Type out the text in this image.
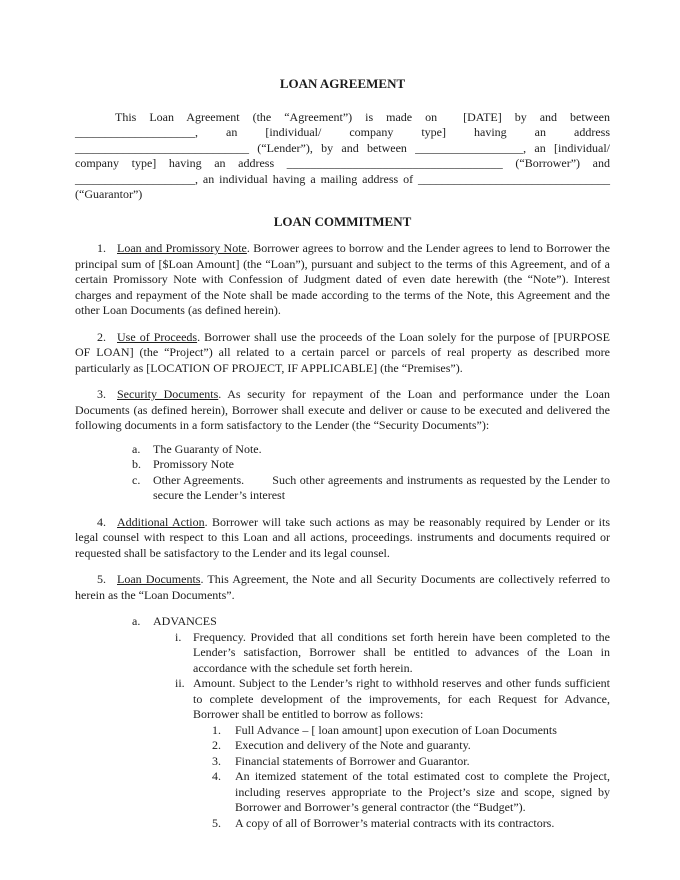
LOAN AGREEMENT

This Loan Agreement (the “Agreement”) is made on  [DATE] by and between ____________________, an [individual/ company type] having an address _____________________________ (“Lender”), by and between __________________, an [individual/ company type] having an address ____________________________________ (“Borrower”) and ____________________, an individual having a mailing address of ________________________________ (“Guarantor”)

LOAN COMMITMENT

1. Loan and Promissory Note. Borrower agrees to borrow and the Lender agrees to lend to Borrower the principal sum of [$Loan Amount] (the “Loan”), pursuant and subject to the terms of this Agreement, and of a certain Promissory Note with Confession of Judgment dated of even date herewith (the “Note”). Interest charges and repayment of the Note shall be made according to the terms of the Note, this Agreement and the other Loan Documents (as defined herein).

2. Use of Proceeds. Borrower shall use the proceeds of the Loan solely for the purpose of [PURPOSE OF LOAN] (the “Project”) all related to a certain parcel or parcels of real property as described more particularly as [LOCATION OF PROJECT, IF APPLICABLE] (the “Premises”).

3. Security Documents. As security for repayment of the Loan and performance under the Loan Documents (as defined herein), Borrower shall execute and deliver or cause to be executed and delivered the following documents in a form satisfactory to the Lender (the “Security Documents”):

a.	The Guaranty of Note.
b.	Promissory Note
c.	Other Agreements.        Such other agreements and instruments as requested by the Lender to secure the Lender’s interest

4. Additional Action. Borrower will take such actions as may be reasonably required by Lender or its legal counsel with respect to this Loan and all actions, proceedings. instruments and documents required or requested shall be satisfactory to the Lender and its legal counsel.

5. Loan Documents. This Agreement, the Note and all Security Documents are collectively referred to herein as the “Loan Documents”.

a.	ADVANCES
i. Frequency. Provided that all conditions set forth herein have been completed to the Lender’s satisfaction, Borrower shall be entitled to advances of the Loan in accordance with the schedule set forth herein.
ii. Amount. Subject to the Lender’s right to withhold reserves and other funds sufficient to complete development of the improvements, for each Request for Advance, Borrower shall be entitled to borrow as follows:
1.	Full Advance – [ loan amount] upon execution of Loan Documents
2.	Execution and delivery of the Note and guaranty.
3.	Financial statements of Borrower and Guarantor.
4.	An itemized statement of the total estimated cost to complete the Project, including reserves appropriate to the Project’s size and scope, signed by Borrower and Borrower’s general contractor (the “Budget”).
5.	A copy of all of Borrower’s material contracts with its contractors.
